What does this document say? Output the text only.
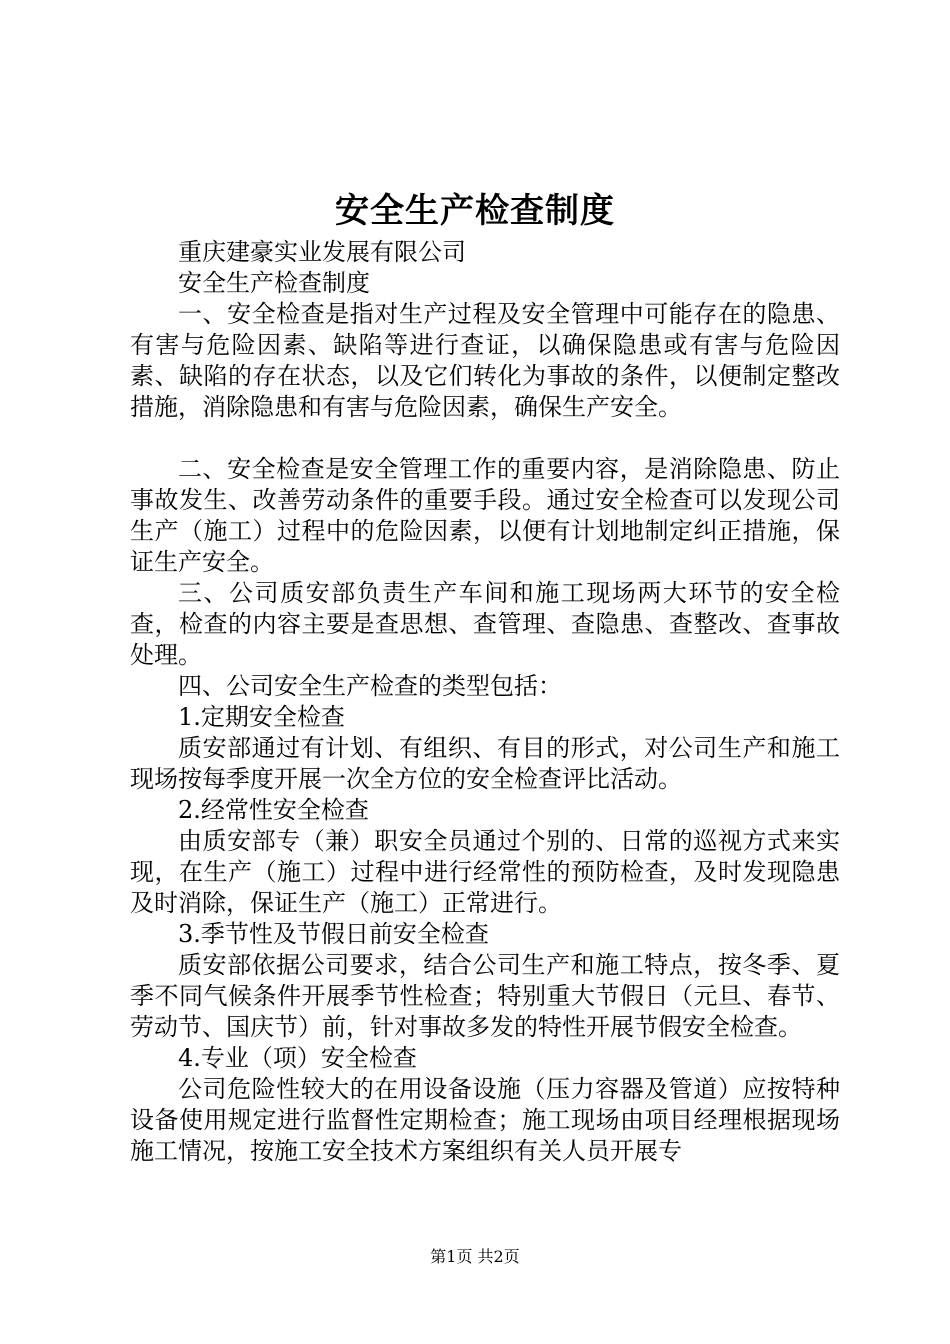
安全生产检查制度

重庆建豪实业发展有限公司

安全生产检查制度

一、安全检查是指对生产过程及安全管理中可能存在的隐患、有害与危险因素、缺陷等进行查证，以确保隐患或有害与危险因素、缺陷的存在状态，以及它们转化为事故的条件，以便制定整改措施，消除隐患和有害与危险因素，确保生产安全。

二、安全检查是安全管理工作的重要内容，是消除隐患、防止事故发生、改善劳动条件的重要手段。通过安全检查可以发现公司生产（施工）过程中的危险因素，以便有计划地制定纠正措施，保证生产安全。

三、公司质安部负责生产车间和施工现场两大环节的安全检查，检查的内容主要是查思想、查管理、查隐患、查整改、查事故处理。

四、公司安全生产检查的类型包括：

1.定期安全检查

质安部通过有计划、有组织、有目的形式，对公司生产和施工现场按每季度开展一次全方位的安全检查评比活动。

2.经常性安全检查

由质安部专（兼）职安全员通过个别的、日常的巡视方式来实现，在生产（施工）过程中进行经常性的预防检查，及时发现隐患及时消除，保证生产（施工）正常进行。

3.季节性及节假日前安全检查

质安部依据公司要求，结合公司生产和施工特点，按冬季、夏季不同气候条件开展季节性检查；特别重大节假日（元旦、春节、劳动节、国庆节）前，针对事故多发的特性开展节假安全检查。

4.专业（项）安全检查

公司危险性较大的在用设备设施（压力容器及管道）应按特种设备使用规定进行监督性定期检查；施工现场由项目经理根据现场施工情况，按施工安全技术方案组织有关人员开展专

第1页 共2页
